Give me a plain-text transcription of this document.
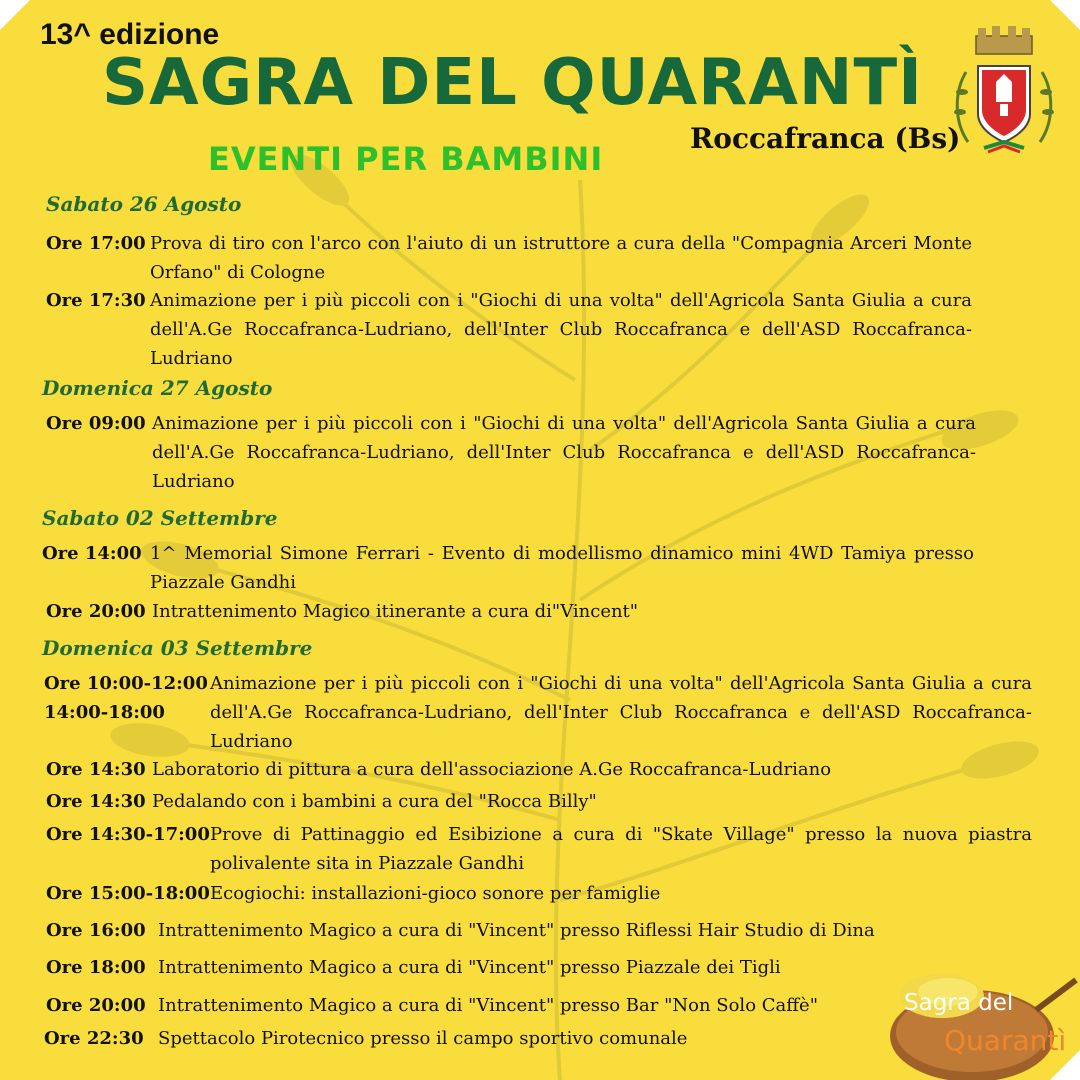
13^ edizione
SAGRA DEL QUARANTÌ
Roccafranca (Bs)
EVENTI PER BAMBINI
Sabato 26 Agosto
Ore 17:00 Prova di tiro con l'arco con l'aiuto di un istruttore a cura della "Compagnia Arceri Monte Orfano" di Cologne
Ore 17:30 Animazione per i più piccoli con i "Giochi di una volta" dell'Agricola Santa Giulia a cura dell'A.Ge Roccafranca-Ludriano, dell'Inter Club Roccafranca e dell'ASD Roccafranca-Ludriano
Domenica 27 Agosto
Ore 09:00 Animazione per i più piccoli con i "Giochi di una volta" dell'Agricola Santa Giulia a cura dell'A.Ge Roccafranca-Ludriano, dell'Inter Club Roccafranca e dell'ASD Roccafranca-Ludriano
Sabato 02 Settembre
Ore 14:00 1^ Memorial Simone Ferrari - Evento di modellismo dinamico mini 4WD Tamiya presso Piazzale Gandhi
Ore 20:00 Intrattenimento Magico itinerante a cura di"Vincent"
Domenica 03 Settembre
Ore 10:00-12:00
14:00-18:00
Animazione per i più piccoli con i "Giochi di una volta" dell'Agricola Santa Giulia a cura dell'A.Ge Roccafranca-Ludriano, dell'Inter Club Roccafranca e dell'ASD Roccafranca-Ludriano
Ore 14:30 Laboratorio di pittura a cura dell'associazione A.Ge Roccafranca-Ludriano
Ore 14:30 Pedalando con i bambini a cura del "Rocca Billy"
Ore 14:30-17:00 Prove di Pattinaggio ed Esibizione a cura di "Skate Village" presso la nuova piastra polivalente sita in Piazzale Gandhi
Ore 15:00-18:00 Ecogiochi: installazioni-gioco sonore per famiglie
Ore 16:00 Intrattenimento Magico a cura di "Vincent" presso Riflessi Hair Studio di Dina
Ore 18:00 Intrattenimento Magico a cura di "Vincent" presso Piazzale dei Tigli
Ore 20:00 Intrattenimento Magico a cura di "Vincent" presso Bar "Non Solo Caffè"
Ore 22:30 Spettacolo Pirotecnico presso il campo sportivo comunale
Sagra del
Quarantì
